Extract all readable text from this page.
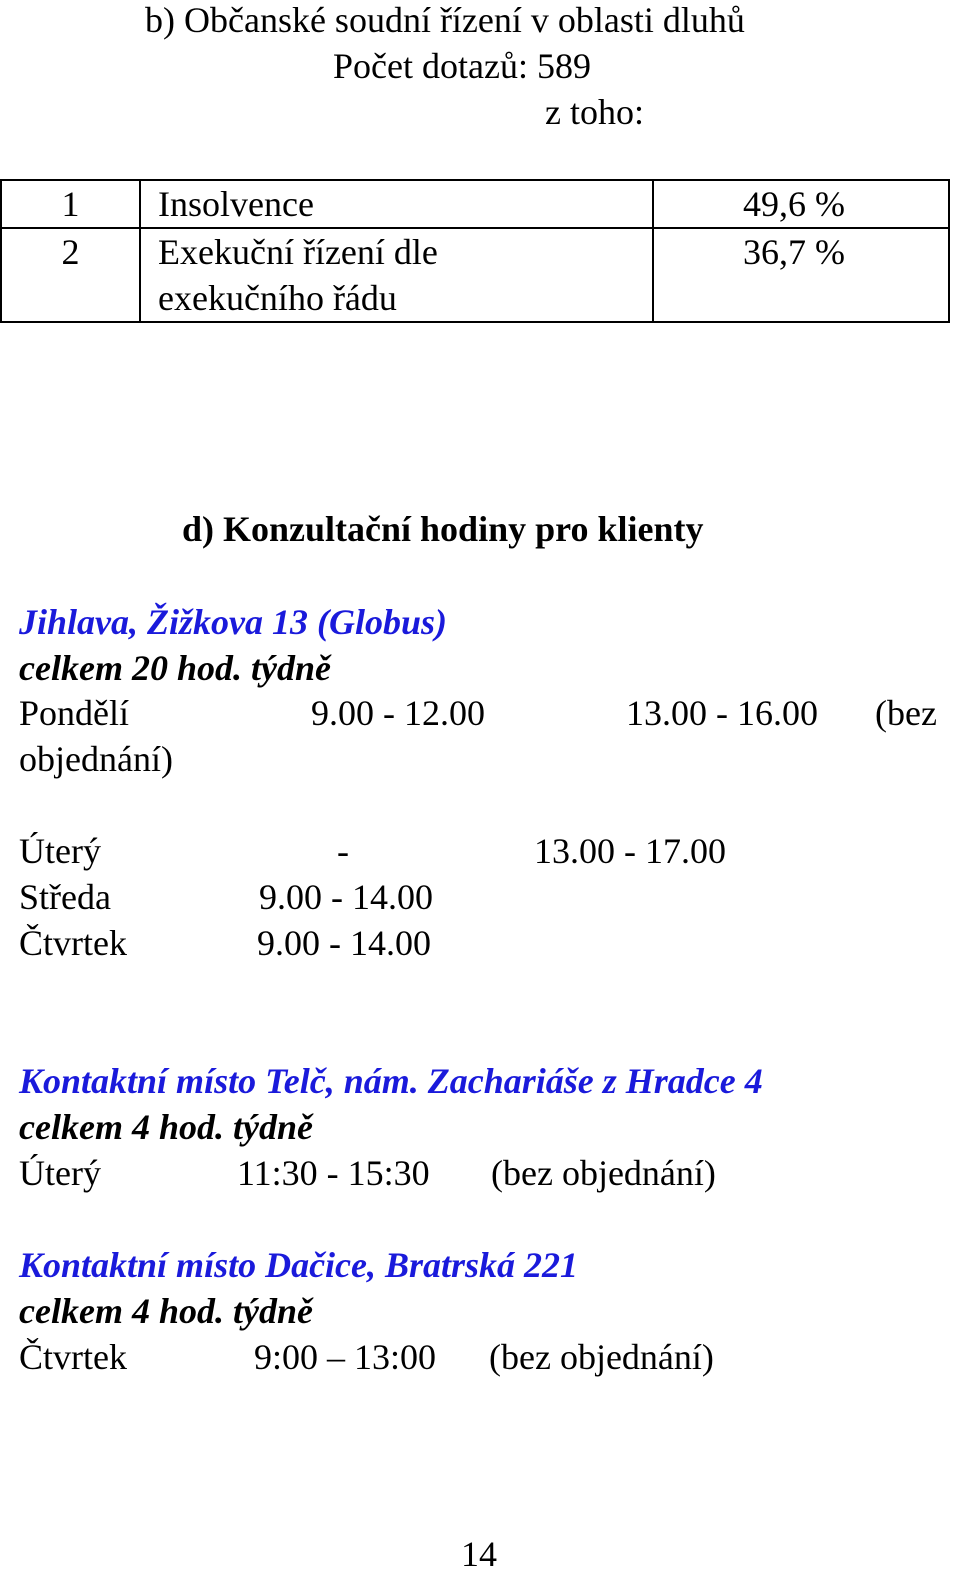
b) Občanské soudní řízení v oblasti dluhů
Počet dotazů: 589
z toho:
1	Insolvence	49,6 %
2	Exekuční řízení dle
exekučního řádu	36,7 %
d) Konzultační hodiny pro klienty
Jihlava, Žižkova 13 (Globus)
celkem 20 hod. týdně
Pondělí	9.00 - 12.00	13.00 - 16.00 (bez
objednání)
Úterý	-	13.00 - 17.00
Středa	9.00 - 14.00
Čtvrtek	9.00 - 14.00
Kontaktní místo Telč, nám. Zachariáše z Hradce 4
celkem 4 hod. týdně
Úterý	11:30 - 15:30 (bez objednání)
Kontaktní místo Dačice, Bratrská 221
celkem 4 hod. týdně
Čtvrtek	9:00 – 13:00 (bez objednání)
14
